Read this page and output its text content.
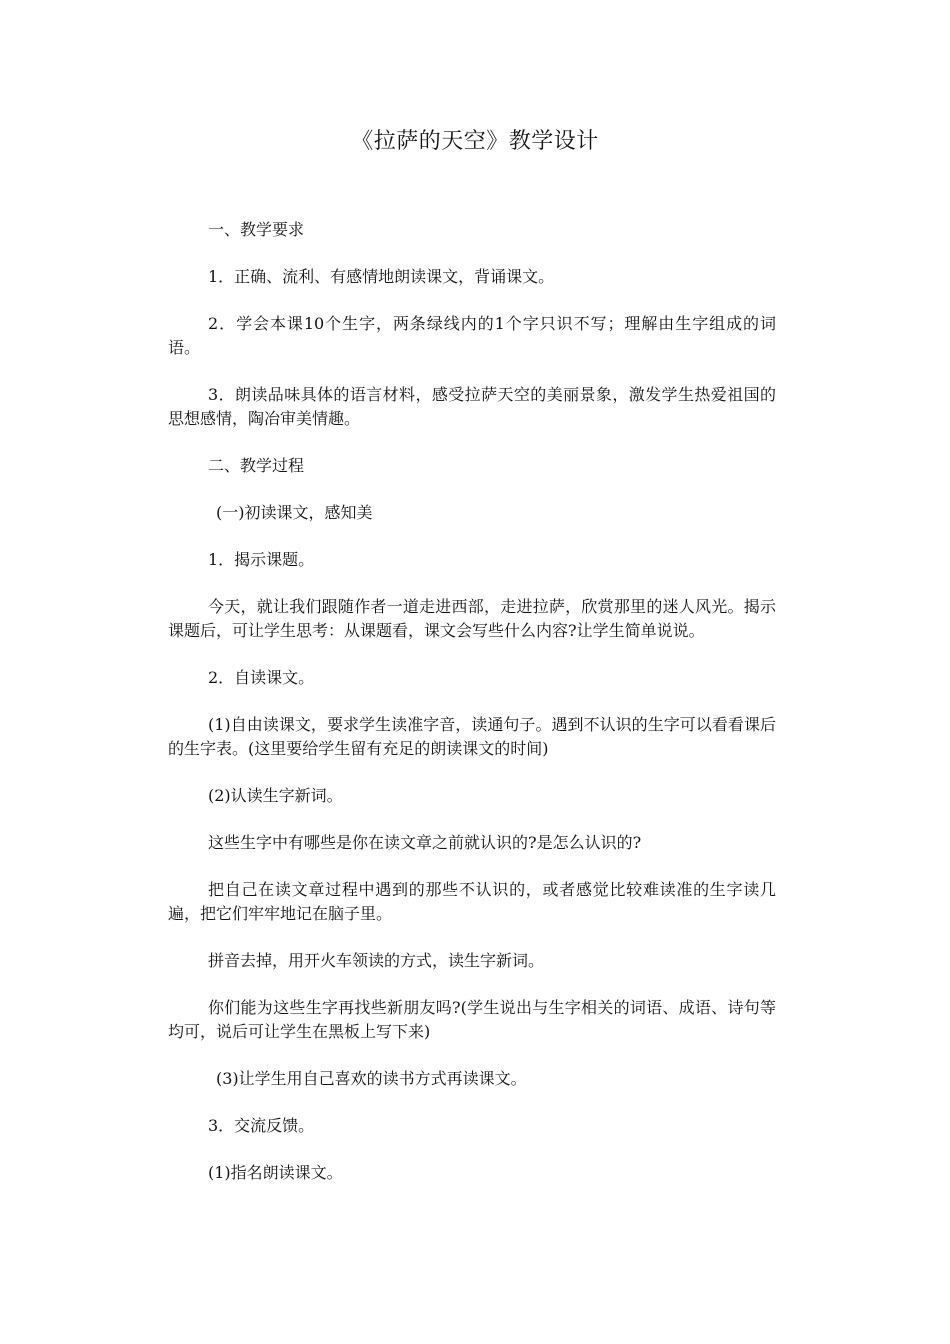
《拉萨的天空》教学设计

一、教学要求

1．正确、流利、有感情地朗读课文，背诵课文。

2．学会本课10个生字，两条绿线内的1个字只识不写；理解由生字组成的词语。

3．朗读品味具体的语言材料，感受拉萨天空的美丽景象，激发学生热爱祖国的思想感情，陶冶审美情趣。

二、教学过程

(一)初读课文，感知美

1．揭示课题。

今天，就让我们跟随作者一道走进西部，走进拉萨，欣赏那里的迷人风光。揭示课题后，可让学生思考：从课题看，课文会写些什么内容?让学生简单说说。

2．自读课文。

(1)自由读课文，要求学生读准字音，读通句子。遇到不认识的生字可以看看课后的生字表。(这里要给学生留有充足的朗读课文的时间)

(2)认读生字新词。

这些生字中有哪些是你在读文章之前就认识的?是怎么认识的?

把自己在读文章过程中遇到的那些不认识的，或者感觉比较难读准的生字读几遍，把它们牢牢地记在脑子里。

拼音去掉，用开火车领读的方式，读生字新词。

你们能为这些生字再找些新朋友吗?(学生说出与生字相关的词语、成语、诗句等均可，说后可让学生在黑板上写下来)

(3)让学生用自己喜欢的读书方式再读课文。

3．交流反馈。

(1)指名朗读课文。
